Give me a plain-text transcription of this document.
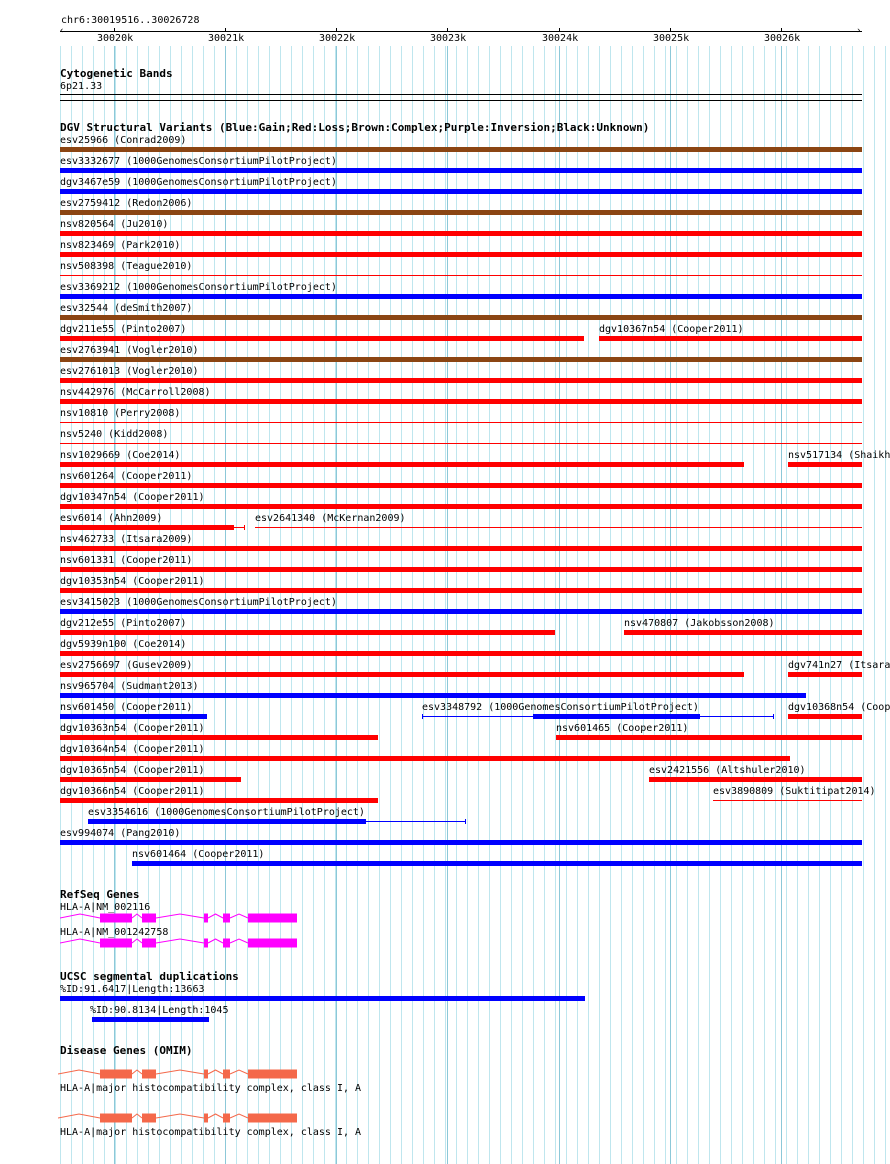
chr6:30019516..30026728
‹	›
30020k	30021k	30022k	30023k	30024k	30025k	30026k
Cytogenetic Bands
6p21.33
DGV Structural Variants (Blue:Gain;Red:Loss;Brown:Complex;Purple:Inversion;Black:Unknown)
esv25966 (Conrad2009)
esv3332677 (1000GenomesConsortiumPilotProject)
dgv3467e59 (1000GenomesConsortiumPilotProject)
esv2759412 (Redon2006)
nsv820564 (Ju2010)
nsv823469 (Park2010)
nsv508398 (Teague2010)
esv3369212 (1000GenomesConsortiumPilotProject)
esv32544 (deSmith2007)
dgv211e55 (Pinto2007)	dgv10367n54 (Cooper2011)
esv2763941 (Vogler2010)
esv2761013 (Vogler2010)
nsv442976 (McCarroll2008)
nsv10810 (Perry2008)
nsv5240 (Kidd2008)
nsv1029669 (Coe2014)	nsv517134 (Shaikh
nsv601264 (Cooper2011)
dgv10347n54 (Cooper2011)
esv6014 (Ahn2009)	esv2641340 (McKernan2009)
nsv462733 (Itsara2009)
nsv601331 (Cooper2011)
dgv10353n54 (Cooper2011)
esv3415023 (1000GenomesConsortiumPilotProject)
dgv212e55 (Pinto2007)	nsv470807 (Jakobsson2008)
dgv5939n100 (Coe2014)
esv2756697 (Gusev2009)	dgv741n27 (Itsara
nsv965704 (Sudmant2013)
nsv601450 (Cooper2011)	esv3348792 (1000GenomesConsortiumPilotProject)	dgv10368n54 (Coop
dgv10363n54 (Cooper2011)	nsv601465 (Cooper2011)
dgv10364n54 (Cooper2011)
dgv10365n54 (Cooper2011)	esv2421556 (Altshuler2010)
dgv10366n54 (Cooper2011)	esv3890809 (Suktitipat2014)
esv3354616 (1000GenomesConsortiumPilotProject)
esv994074 (Pang2010)
nsv601464 (Cooper2011)
RefSeq Genes
HLA-A|NM_002116
HLA-A|NM_001242758
UCSC segmental duplications
%ID:91.6417|Length:13663
%ID:90.8134|Length:1045
Disease Genes (OMIM)
HLA-A|major histocompatibility complex, class I, A
HLA-A|major histocompatibility complex, class I, A
